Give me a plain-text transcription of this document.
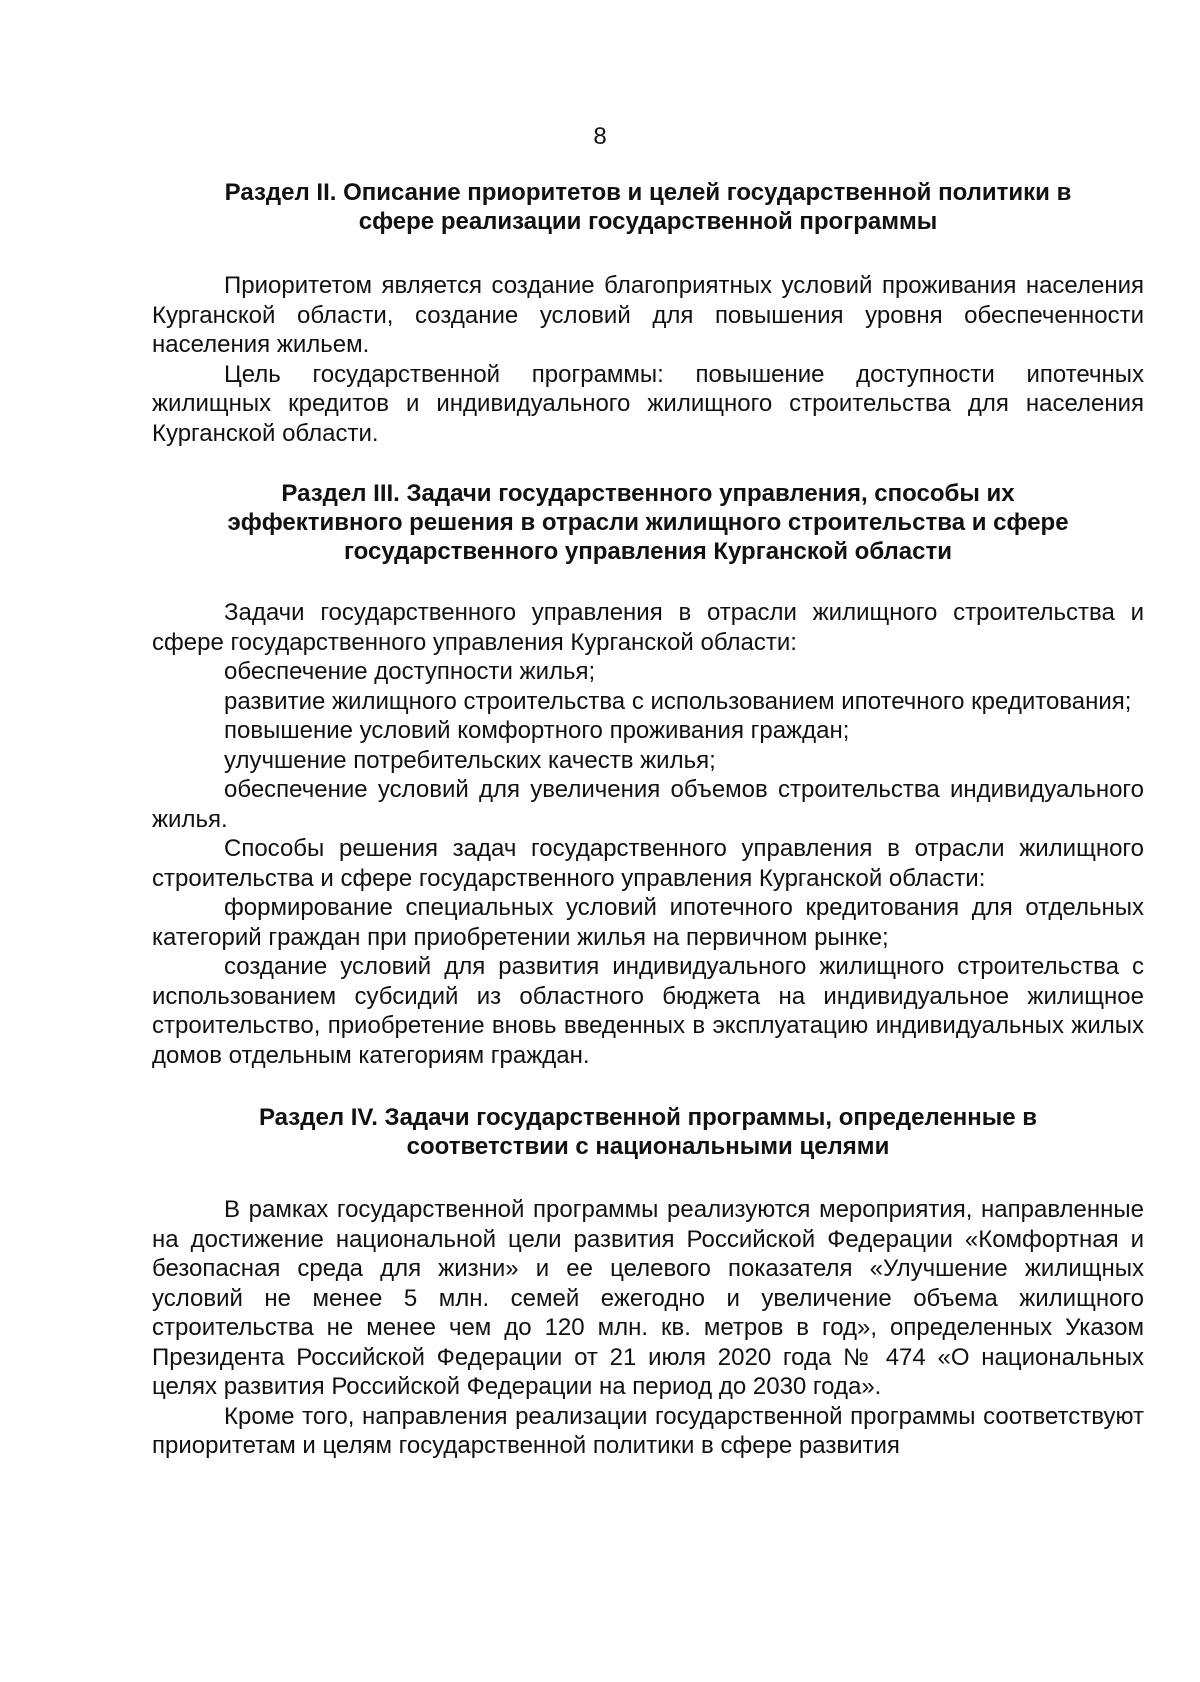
8
Раздел II. Описание приоритетов и целей государственной политики в
сфере реализации государственной программы

Приоритетом является создание благоприятных условий проживания населения Курганской области, создание условий для повышения уровня обеспеченности населения жильем.

Цель государственной программы: повышение доступности ипотечных жилищных кредитов и индивидуального жилищного строительства для населения Курганской области.

Раздел III. Задачи государственного управления, способы их
эффективного решения в отрасли жилищного строительства и сфере
государственного управления Курганской области

Задачи государственного управления в отрасли жилищного строительства и сфере государственного управления Курганской области:

обеспечение доступности жилья;

развитие жилищного строительства с использованием ипотечного кредитования;

повышение условий комфортного проживания граждан;

улучшение потребительских качеств жилья;

обеспечение условий для увеличения объемов строительства индивидуального жилья.

Способы решения задач государственного управления в отрасли жилищного строительства и сфере государственного управления Курганской области:

формирование специальных условий ипотечного кредитования для отдельных категорий граждан при приобретении жилья на первичном рынке;

создание условий для развития индивидуального жилищного строительства с использованием субсидий из областного бюджета на индивидуальное жилищное строительство, приобретение вновь введенных в эксплуатацию индивидуальных жилых домов отдельным категориям граждан.

Раздел IV. Задачи государственной программы, определенные в
соответствии с национальными целями

В рамках государственной программы реализуются мероприятия, направленные на достижение национальной цели развития Российской Федерации «Комфортная и безопасная среда для жизни» и ее целевого показателя «Улучшение жилищных условий не менее 5 млн. семей ежегодно и увеличение объема жилищного строительства не менее чем до 120 млн. кв. метров в год», определенных Указом Президента Российской Федерации от 21 июля 2020 года № 474 «О национальных целях развития Российской Федерации на период до 2030 года».

Кроме того, направления реализации государственной программы соответствуют приоритетам и целям государственной политики в сфере развития
